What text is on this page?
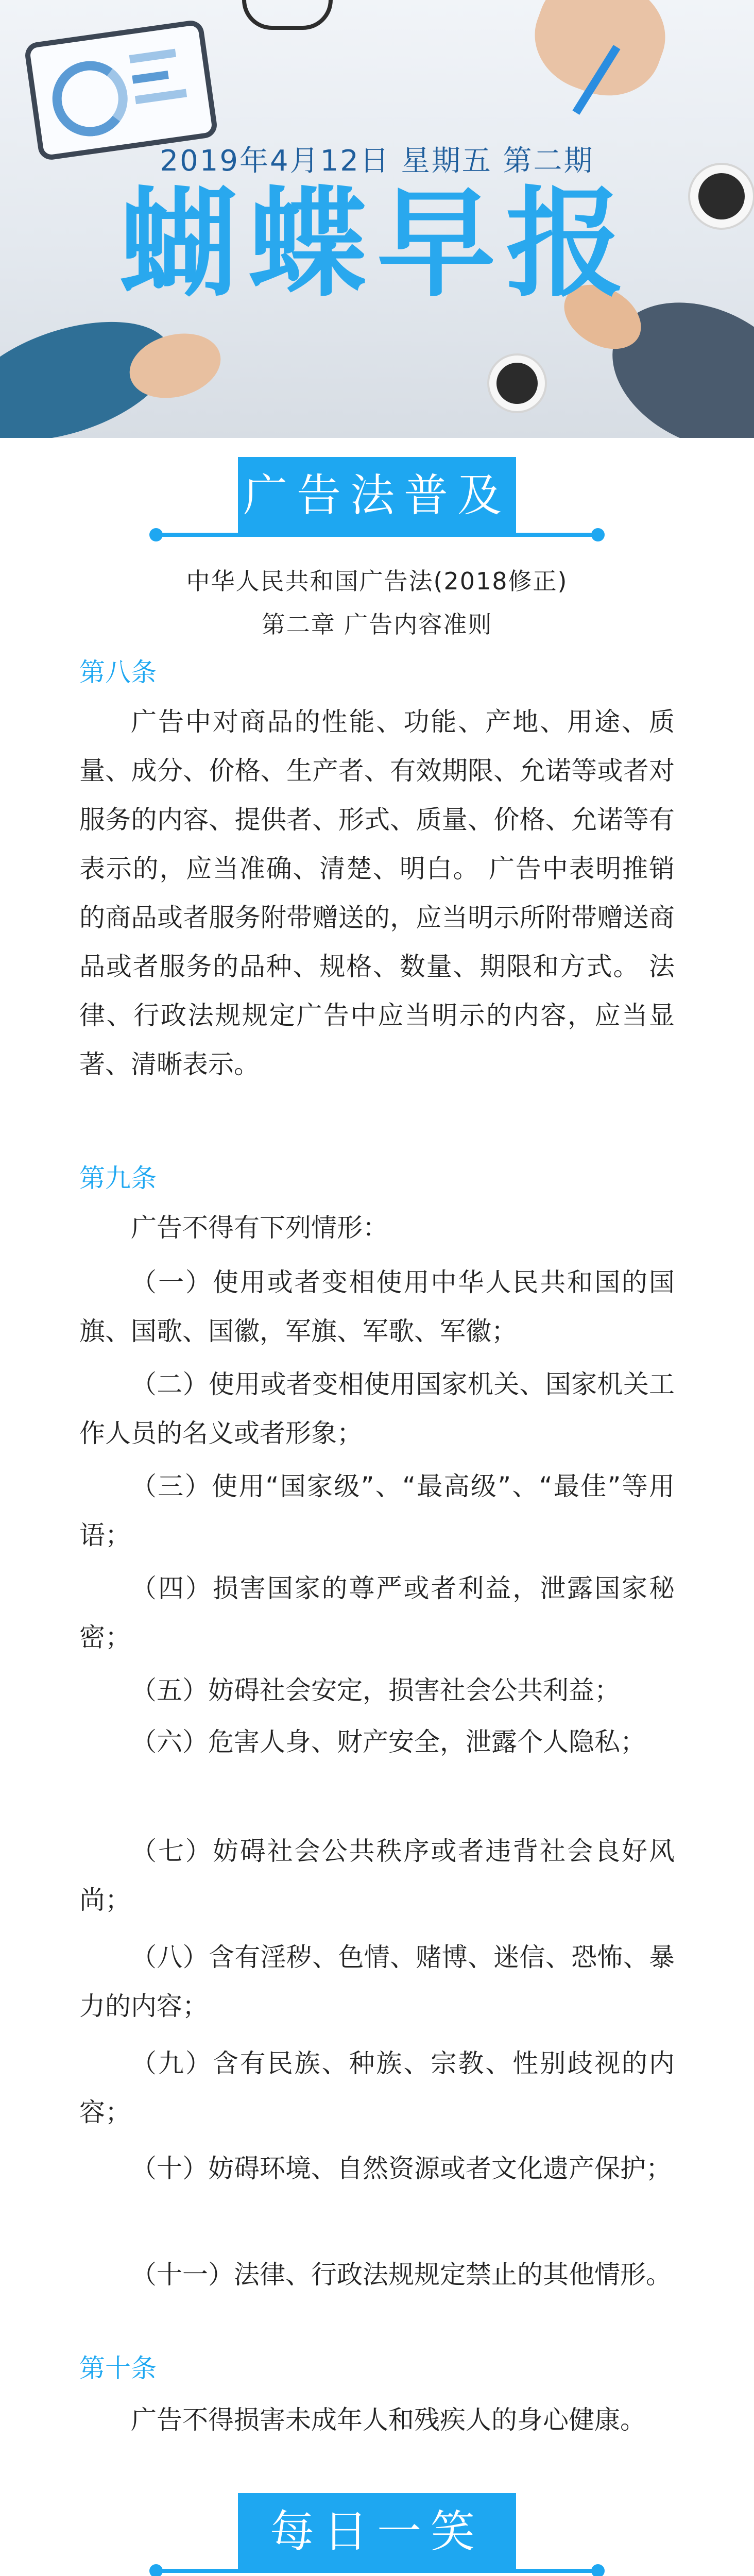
2019年4月12日 星期五 第二期
蝴蝶早报
广告法普及
中华人民共和国广告法(2018修正)
第二章 广告内容准则

第八条

广告中对商品的性能、功能、产地、用途、质量、成分、价格、生产者、有效期限、允诺等或者对服务的内容、提供者、形式、质量、价格、允诺等有表示的，应当准确、清楚、明白。 广告中表明推销的商品或者服务附带赠送的，应当明示所附带赠送商品或者服务的品种、规格、数量、期限和方式。 法律、行政法规规定广告中应当明示的内容，应当显著、清晰表示。

第九条

广告不得有下列情形：

（一）使用或者变相使用中华人民共和国的国旗、国歌、国徽，军旗、军歌、军徽；

（二）使用或者变相使用国家机关、国家机关工作人员的名义或者形象；

（三）使用“国家级”、“最高级”、“最佳”等用语；

（四）损害国家的尊严或者利益，泄露国家秘密；

（五）妨碍社会安定，损害社会公共利益；

（六）危害人身、财产安全，泄露个人隐私；

（七）妨碍社会公共秩序或者违背社会良好风尚；

（八）含有淫秽、色情、赌博、迷信、恐怖、暴力的内容；

（九）含有民族、种族、宗教、性别歧视的内容；

（十）妨碍环境、自然资源或者文化遗产保护；

（十一）法律、行政法规规定禁止的其他情形。

第十条

广告不得损害未成年人和残疾人的身心健康。

每日一笑
